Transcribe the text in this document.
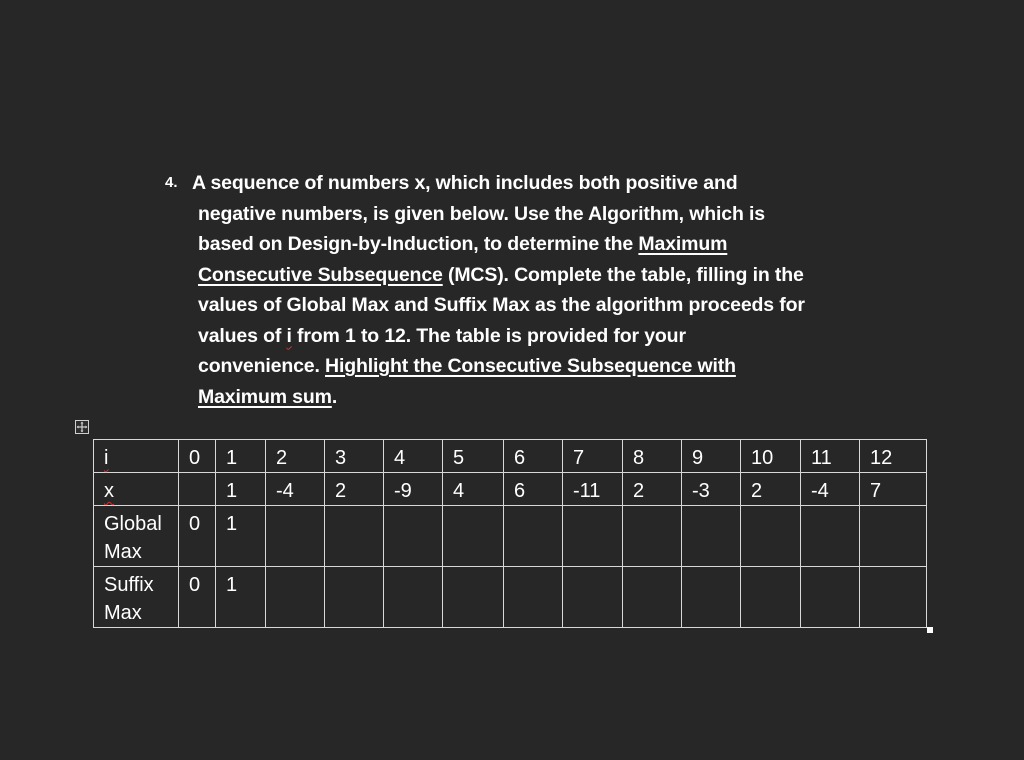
4. A sequence of numbers x, which includes both positive and
negative numbers, is given below. Use the Algorithm, which is
based on Design-by-Induction, to determine the Maximum
Consecutive Subsequence (MCS). Complete the table, filling in the
values of Global Max and Suffix Max as the algorithm proceeds for
values of i from 1 to 12. The table is provided for your
convenience. Highlight the Consecutive Subsequence with
Maximum sum.
i	0	1	2	3	4	5	6	7	8	9	10	11	12
x		1	-4	2	-9	4	6	-11	2	-3	2	-4	7
Global Max	0	1											
Suffix Max	0	1											
